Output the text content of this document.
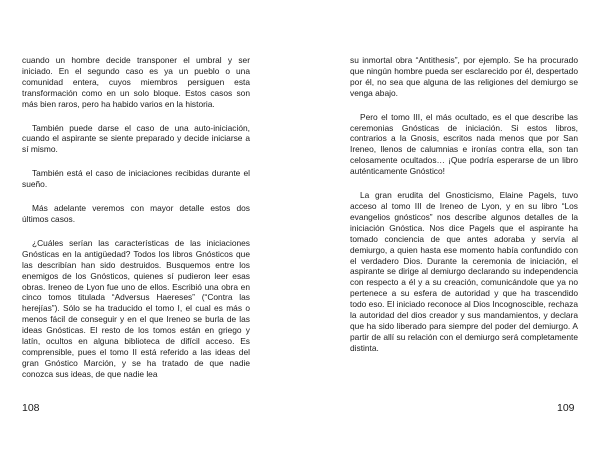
cuando un hombre decide transponer el umbral y ser iniciado. En el segundo caso es ya un pueblo o una comunidad entera, cuyos miembros persiguen esta transformación como en un solo bloque. Estos casos son más bien raros, pero ha habido varios en la historia.

También puede darse el caso de una auto-iniciación, cuando el aspirante se siente preparado y decide iniciarse a sí mismo.

También está el caso de iniciaciones recibidas durante el sueño.

Más adelante veremos con mayor detalle estos dos últimos casos.

¿Cuáles serían las características de las iniciaciones Gnósticas en la antigüedad? Todos los libros Gnósticos que las describían han sido destruidos. Busquemos entre los enemigos de los Gnósticos, quienes sí pudieron leer esas obras. Ireneo de Lyon fue uno de ellos. Escribió una obra en cinco tomos titulada “Adversus Haereses” (“Contra las herejías”). Sólo se ha traducido el tomo I, el cual es más o menos fácil de conseguir y en el que Ireneo se burla de las ideas Gnósticas. El resto de los tomos están en griego y latín, ocultos en alguna biblioteca de difícil acceso. Es comprensible, pues el tomo II está referido a las ideas del gran Gnóstico Marción, y se ha tratado de que nadie conozca sus ideas, de que nadie lea

108

su inmortal obra “Antithesis”, por ejemplo. Se ha procurado que ningún hombre pueda ser esclarecido por él, despertado por él, no sea que alguna de las religiones del demiurgo se venga abajo.

Pero el tomo III, el más ocultado, es el que describe las ceremonias Gnósticas de iniciación. Si estos libros, contrarios a la Gnosis, escritos nada menos que por San Ireneo, llenos de calumnias e ironías contra ella, son tan celosamente ocultados… ¡Que podría esperarse de un libro auténticamente Gnóstico!

La gran erudita del Gnosticismo, Elaine Pagels, tuvo acceso al tomo III de Ireneo de Lyon, y en su libro “Los evangelios gnósticos” nos describe algunos detalles de la iniciación Gnóstica. Nos dice Pagels que el aspirante ha tomado conciencia de que antes adoraba y servía al demiurgo, a quien hasta ese momento había confundido con el verdadero Dios. Durante la ceremonia de iniciación, el aspirante se dirige al demiurgo declarando su independencia con respecto a él y a su creación, comunicándole que ya no pertenece a su esfera de autoridad y que ha trascendido todo eso. El iniciado reconoce al Dios Incognoscible, rechaza la autoridad del dios creador y sus mandamientos, y declara que ha sido liberado para siempre del poder del demiurgo. A partir de allí su relación con el demiurgo será completamente distinta.

109
